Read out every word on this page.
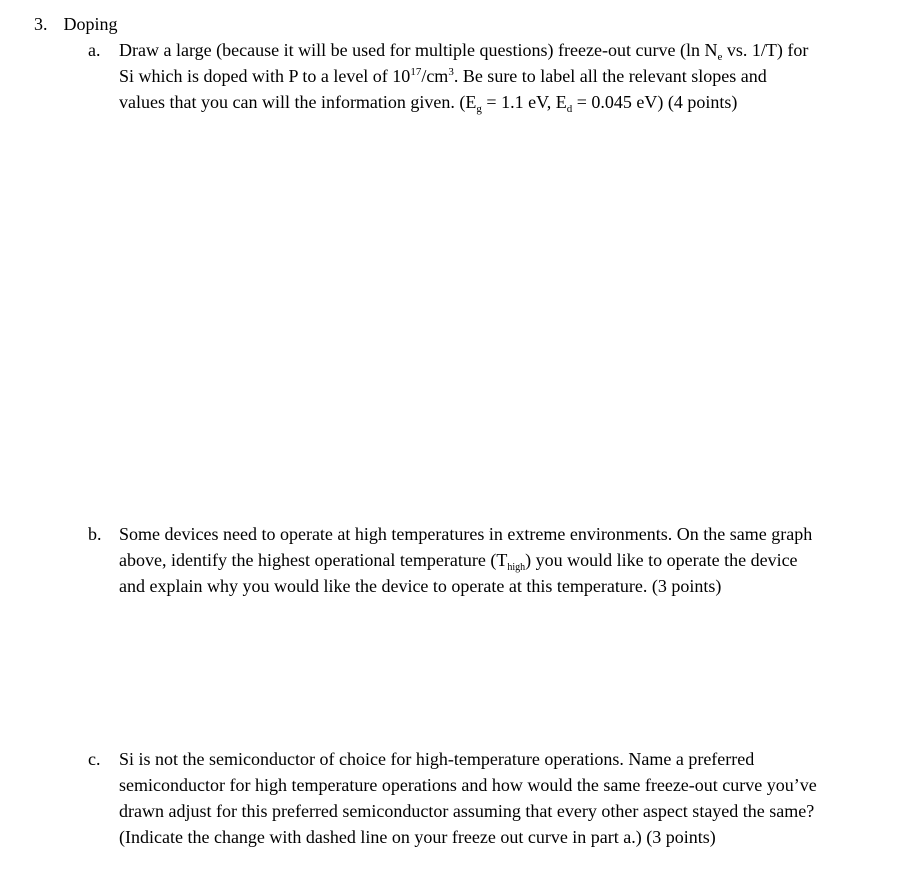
3. Doping
a. Draw a large (because it will be used for multiple questions) freeze-out curve (ln $N_e$ vs. 1/T) for
Si which is doped with P to a level of $10^{17}/cm^3$. Be sure to label all the relevant slopes and
values that you can will the information given. ($E_g = 1.1$ eV, $E_d = 0.045$ eV) (4 points)
b. Some devices need to operate at high temperatures in extreme environments. On the same graph
above, identify the highest operational temperature $(T_{high})$ you would like to operate the device
and explain why you would like the device to operate at this temperature. (3 points)
c. Si is not the semiconductor of choice for high-temperature operations. Name a preferred
semiconductor for high temperature operations and how would the same freeze-out curve you’ve
drawn adjust for this preferred semiconductor assuming that every other aspect stayed the same?
(Indicate the change with dashed line on your freeze out curve in part a.) (3 points)
